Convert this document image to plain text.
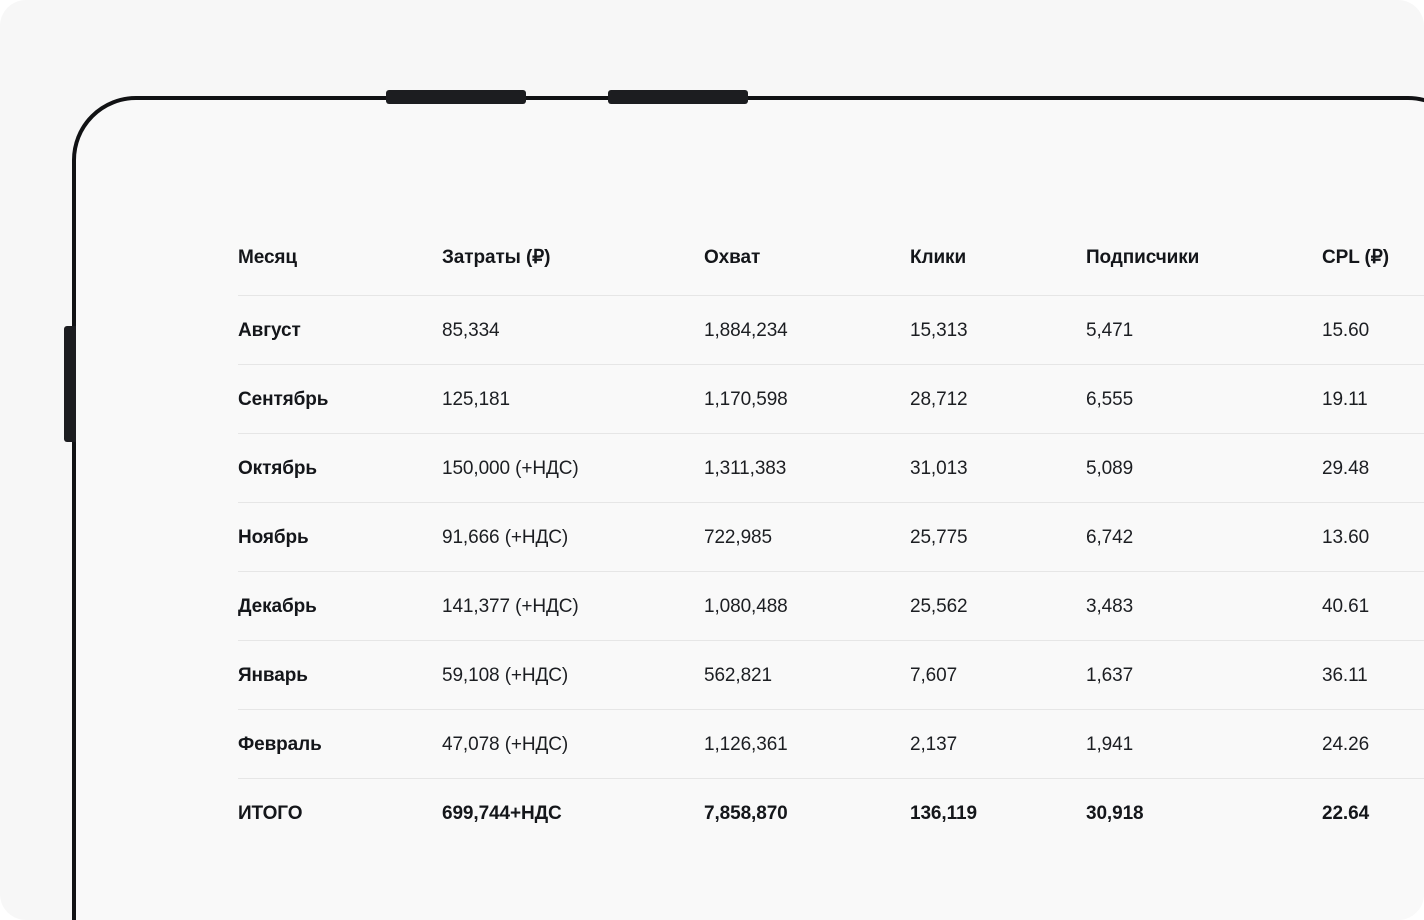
Месяц	Затраты (₽)	Охват	Клики	Подписчики	CPL (₽)
Август	85,334	1,884,234	15,313	5,471	15.60
Сентябрь	125,181	1,170,598	28,712	6,555	19.11
Октябрь	150,000 (+НДС)	1,311,383	31,013	5,089	29.48
Ноябрь	91,666 (+НДС)	722,985	25,775	6,742	13.60
Декабрь	141,377 (+НДС)	1,080,488	25,562	3,483	40.61
Январь	59,108 (+НДС)	562,821	7,607	1,637	36.11
Февраль	47,078 (+НДС)	1,126,361	2,137	1,941	24.26
ИТОГО	699,744+НДС	7,858,870	136,119	30,918	22.64
